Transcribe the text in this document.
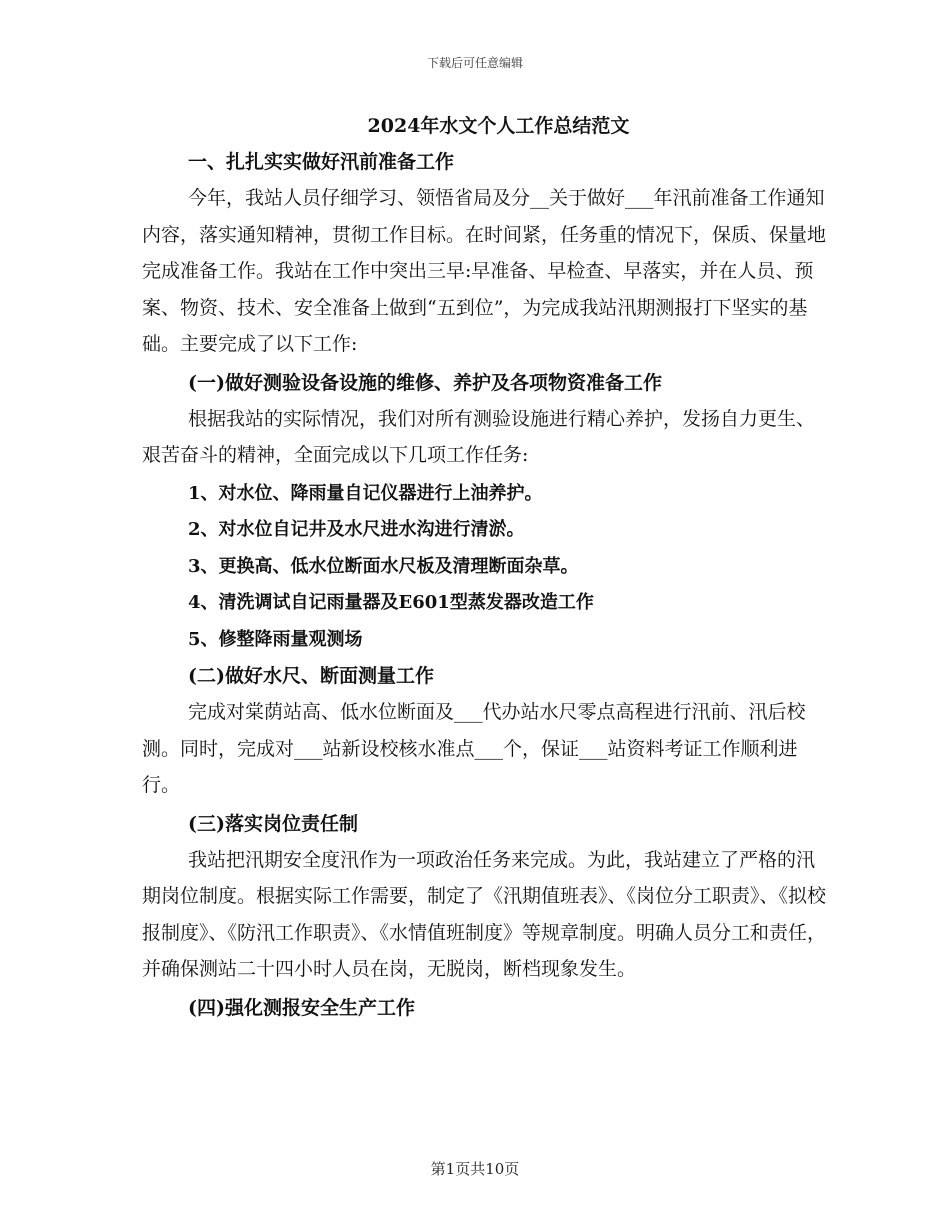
下载后可任意编辑

2024年水文个人工作总结范文

一、扎扎实实做好汛前准备工作

今年，我站人员仔细学习、领悟省局及分__关于做好___年汛前准备工作通知内容，落实通知精神，贯彻工作目标。在时间紧，任务重的情况下，保质、保量地完成准备工作。我站在工作中突出三早:早准备、早检查、早落实，并在人员、预案、物资、技术、安全准备上做到“五到位”，为完成我站汛期测报打下坚实的基础。主要完成了以下工作:

(一)做好测验设备设施的维修、养护及各项物资准备工作

根据我站的实际情况，我们对所有测验设施进行精心养护，发扬自力更生、艰苦奋斗的精神，全面完成以下几项工作任务:

1、对水位、降雨量自记仪器进行上油养护。

2、对水位自记井及水尺进水沟进行清淤。

3、更换高、低水位断面水尺板及清理断面杂草。

4、清洗调试自记雨量器及E601型蒸发器改造工作

5、修整降雨量观测场

(二)做好水尺、断面测量工作

完成对棠荫站高、低水位断面及___代办站水尺零点高程进行汛前、汛后校测。同时，完成对___站新设校核水准点___个，保证___站资料考证工作顺利进行。

(三)落实岗位责任制

我站把汛期安全度汛作为一项政治任务来完成。为此，我站建立了严格的汛期岗位制度。根据实际工作需要，制定了《汛期值班表》、《岗位分工职责》、《拟校报制度》、《防汛工作职责》、《水情值班制度》等规章制度。明确人员分工和责任，并确保测站二十四小时人员在岗，无脱岗，断档现象发生。

(四)强化测报安全生产工作

第1页共10页
